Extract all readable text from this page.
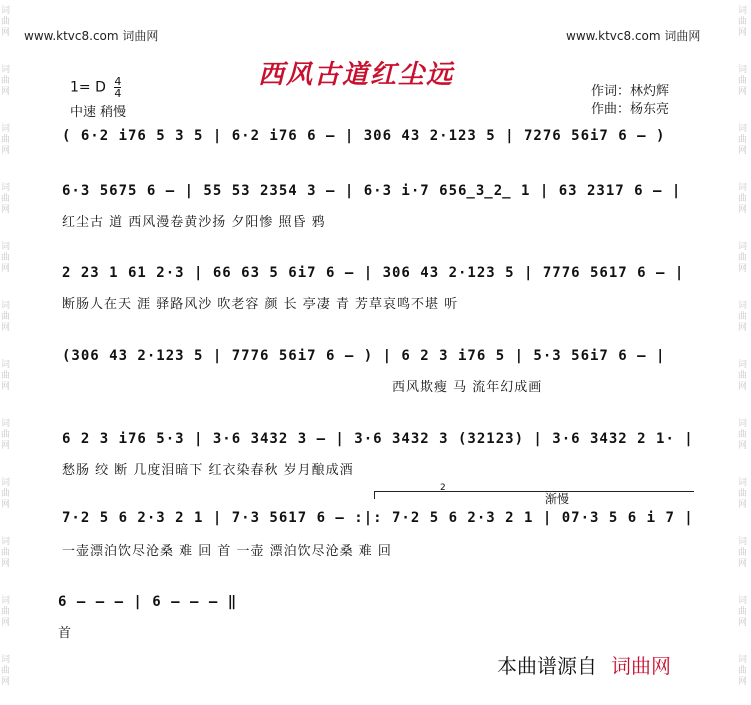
词
曲
网
词
曲
网
词
曲
网
词
曲
网
词
曲
网
词
曲
网
词
曲
网
词
曲
网
词
曲
网
词
曲
网
词
曲
网
词
曲
网
词
曲
网
词
曲
网
词
曲
网
词
曲
网
词
曲
网
词
曲
网
词
曲
网
词
曲
网
词
曲
网
词
曲
网
词
曲
网
词
曲
网
www.ktvc8.com 词曲网	www.ktvc8.com 词曲网
西风古道红尘远
1= D $\frac{4}{4}$
中速 稍慢
作词：林灼辉
作曲：杨东亮
( 6·2 i76 5 3 5 | 6·2 i76 6 – | 306 43 2·123 5 | 7276 56i7 6 – )
6·3 5675 6 – | 55 53 2354 3 – | 6·3 i·7 656̲3̲2̲ 1 | 63 2317 6 – |
红尘古 道 西风漫卷黄沙扬 夕阳惨 照昏 鸦
2 23 1 61 2·3 | 66 63 5 6i7 6 – | 306 43 2·123 5 | 7776 5617 6 – |
断肠人在天 涯 驿路风沙 吹老容 颜 长 亭凄 青 芳草哀鸣不堪 听
(306 43 2·123 5 | 7776 56i7 6 – ) | 6 2 3 i76 5 | 5·3 56i7 6 – |
西风欺瘦 马 流年幻成画
6 2 3 i76 5·3 | 3·6 3432 3 – | 3·6 3432 3 (32123) | 3·6 3432 2 1· |
愁肠 绞 断 几度泪暗下 红衣染春秋 岁月酿成酒
2
渐慢
7·2 5 6 2·3 2 1 | 7·3 5617 6 – :|: 7·2 5 6 2·3 2 1 | 07·3 5 6 i 7 |
一壶漂泊饮尽沧桑 难 回 首 一壶 漂泊饮尽沧桑 难 回
6 – – – | 6 – – – ‖
首
本曲谱源自 词曲网
